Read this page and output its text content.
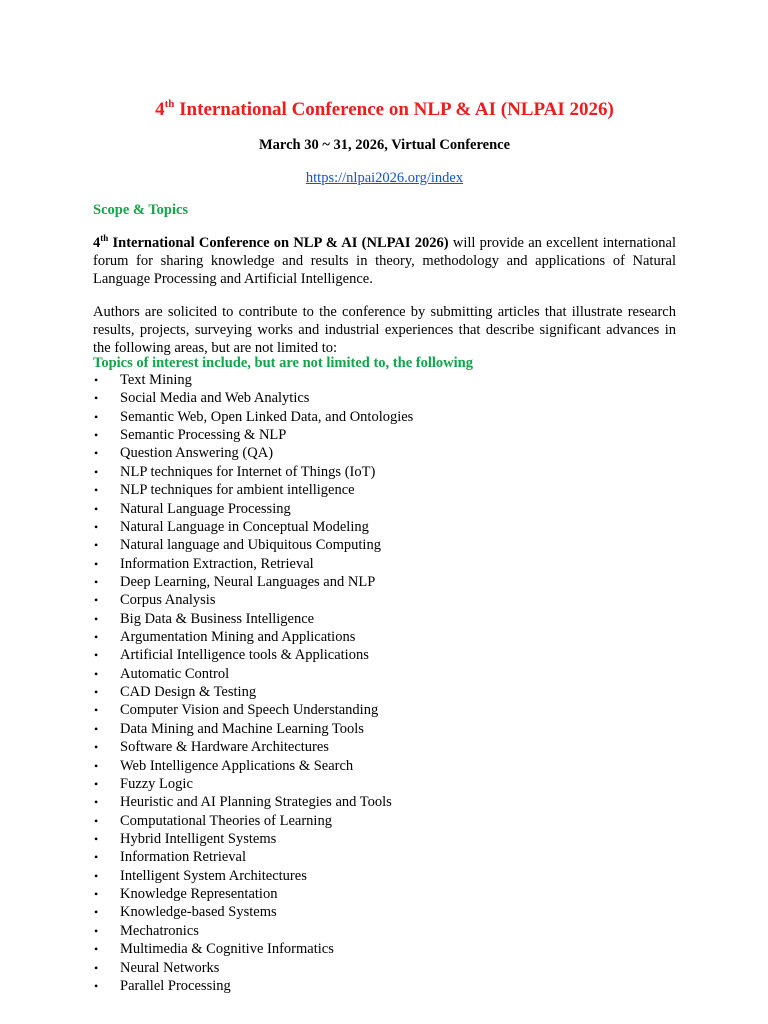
4th International Conference on NLP & AI (NLPAI 2026)
March 30 ~ 31, 2026, Virtual Conference
https://nlpai2026.org/index
Scope & Topics
4th International Conference on NLP & AI (NLPAI 2026) will provide an excellent international forum for sharing knowledge and results in theory, methodology and applications of Natural Language Processing and Artificial Intelligence.
Authors are solicited to contribute to the conference by submitting articles that illustrate research results, projects, surveying works and industrial experiences that describe significant advances in the following areas, but are not limited to:
Topics of interest include, but are not limited to, the following
• Text Mining
• Social Media and Web Analytics
• Semantic Web, Open Linked Data, and Ontologies
• Semantic Processing & NLP
• Question Answering (QA)
• NLP techniques for Internet of Things (IoT)
• NLP techniques for ambient intelligence
• Natural Language Processing
• Natural Language in Conceptual Modeling
• Natural language and Ubiquitous Computing
• Information Extraction, Retrieval
• Deep Learning, Neural Languages and NLP
• Corpus Analysis
• Big Data & Business Intelligence
• Argumentation Mining and Applications
• Artificial Intelligence tools & Applications
• Automatic Control
• CAD Design & Testing
• Computer Vision and Speech Understanding
• Data Mining and Machine Learning Tools
• Software & Hardware Architectures
• Web Intelligence Applications & Search
• Fuzzy Logic
• Heuristic and AI Planning Strategies and Tools
• Computational Theories of Learning
• Hybrid Intelligent Systems
• Information Retrieval
• Intelligent System Architectures
• Knowledge Representation
• Knowledge-based Systems
• Mechatronics
• Multimedia & Cognitive Informatics
• Neural Networks
• Parallel Processing
